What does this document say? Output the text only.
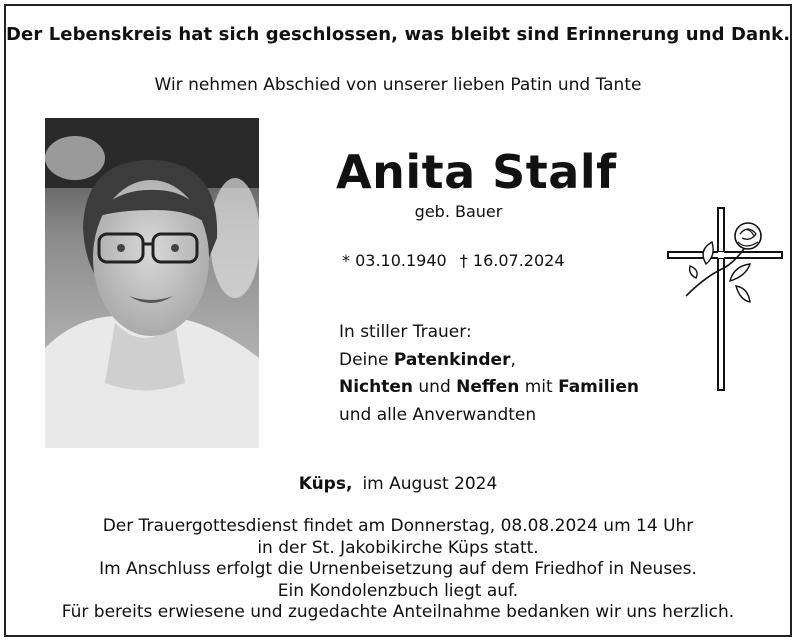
Der Lebenskreis hat sich geschlossen, was bleibt sind Erinnerung und Dank.
Wir nehmen Abschied von unserer lieben Patin und Tante
Anita Stalf
geb. Bauer
* 03.10.1940 † 16.07.2024
In stiller Trauer:
Deine Patenkinder,
Nichten und Neffen mit Familien
und alle Anverwandten
Küps, im August 2024
Der Trauergottesdienst findet am Donnerstag, 08.08.2024 um 14 Uhr
in der St. Jakobikirche Küps statt.
Im Anschluss erfolgt die Urnenbeisetzung auf dem Friedhof in Neuses.
Ein Kondolenzbuch liegt auf.
Für bereits erwiesene und zugedachte Anteilnahme bedanken wir uns herzlich.
